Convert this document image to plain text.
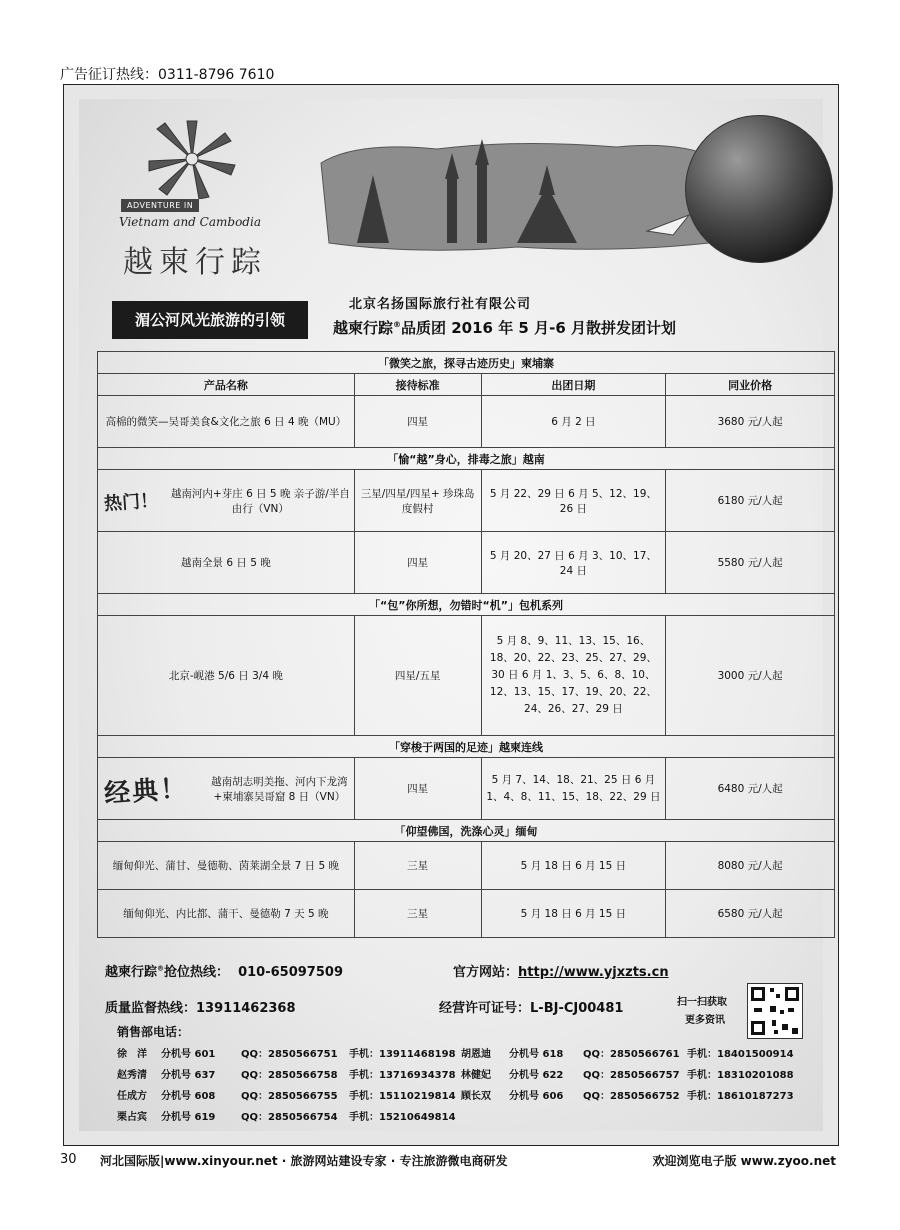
广告征订热线：0311-8796 7610
ADVENTURE IN
Vietnam and Cambodia
越柬行踪
湄公河风光旅游的引领
北京名扬国际旅行社有限公司
越柬行踪®品质团 2016 年 5 月-6 月散拼发团计划
「微笑之旅，探寻古迹历史」柬埔寨			
产品名称	接待标准	出团日期	同业价格
高棉的微笑—吴哥美食&文化之旅 6 日 4 晚（MU）	四星	6 月 2 日	3680 元/人起
「愉“越”身心，排毒之旅」越南			

热门！ 越南河内+芽庄 6 日 5 晚 亲子游/半自由行（VN）	三星/四星/四星+ 珍珠岛度假村	5 月 22、29 日 6 月 5、12、19、26 日	6180 元/人起
越南全景 6 日 5 晚	四星	5 月 20、27 日 6 月 3、10、17、24 日	5580 元/人起
「“包”你所想，勿错时“机”」包机系列			
北京-岘港 5/6 日 3/4 晚	四星/五星	5 月 8、9、11、13、15、16、18、20、22、23、25、27、29、30 日 6 月 1、3、5、6、8、10、12、13、15、17、19、20、22、24、26、27、29 日	3000 元/人起
「穿梭于两国的足迹」越柬连线			

经典！ 越南胡志明美拖、河内下龙湾+柬埔寨吴哥窟 8 日（VN）	四星	5 月 7、14、18、21、25 日 6 月 1、4、8、11、15、18、22、29 日	6480 元/人起
「仰望佛国，洗涤心灵」缅甸			
缅甸仰光、蒲甘、曼德勒、茵莱湖全景 7 日 5 晚	三星	5 月 18 日 6 月 15 日	8080 元/人起
缅甸仰光、内比都、蒲干、曼德勒 7 天 5 晚	三星	5 月 18 日 6 月 15 日	6580 元/人起
越柬行踪®抢位热线： 010-65097509	官方网站：http://www.yjxzts.cn
扫一扫获取
更多资讯
质量监督热线：13911462368	经营许可证号：L-BJ-CJ00481
销售部电话：
徐　洋 分机号 601	QQ：2850566751 手机：13911468198 胡恩迪 分机号 618 QQ：2850566761 手机：18401500914
赵秀清 分机号 637	QQ：2850566758 手机：13716934378 林健妃 分机号 622 QQ：2850566757 手机：18310201088
任成方 分机号 608	QQ：2850566755 手机：15110219814 顾长双 分机号 606 QQ：2850566752 手机：18610187273
栗占宾 分机号 619	QQ：2850566754 手机：15210649814
30 河北国际版|www.xinyour.net · 旅游网站建设专家 · 专注旅游微电商研发	欢迎浏览电子版 www.zyoo.net
